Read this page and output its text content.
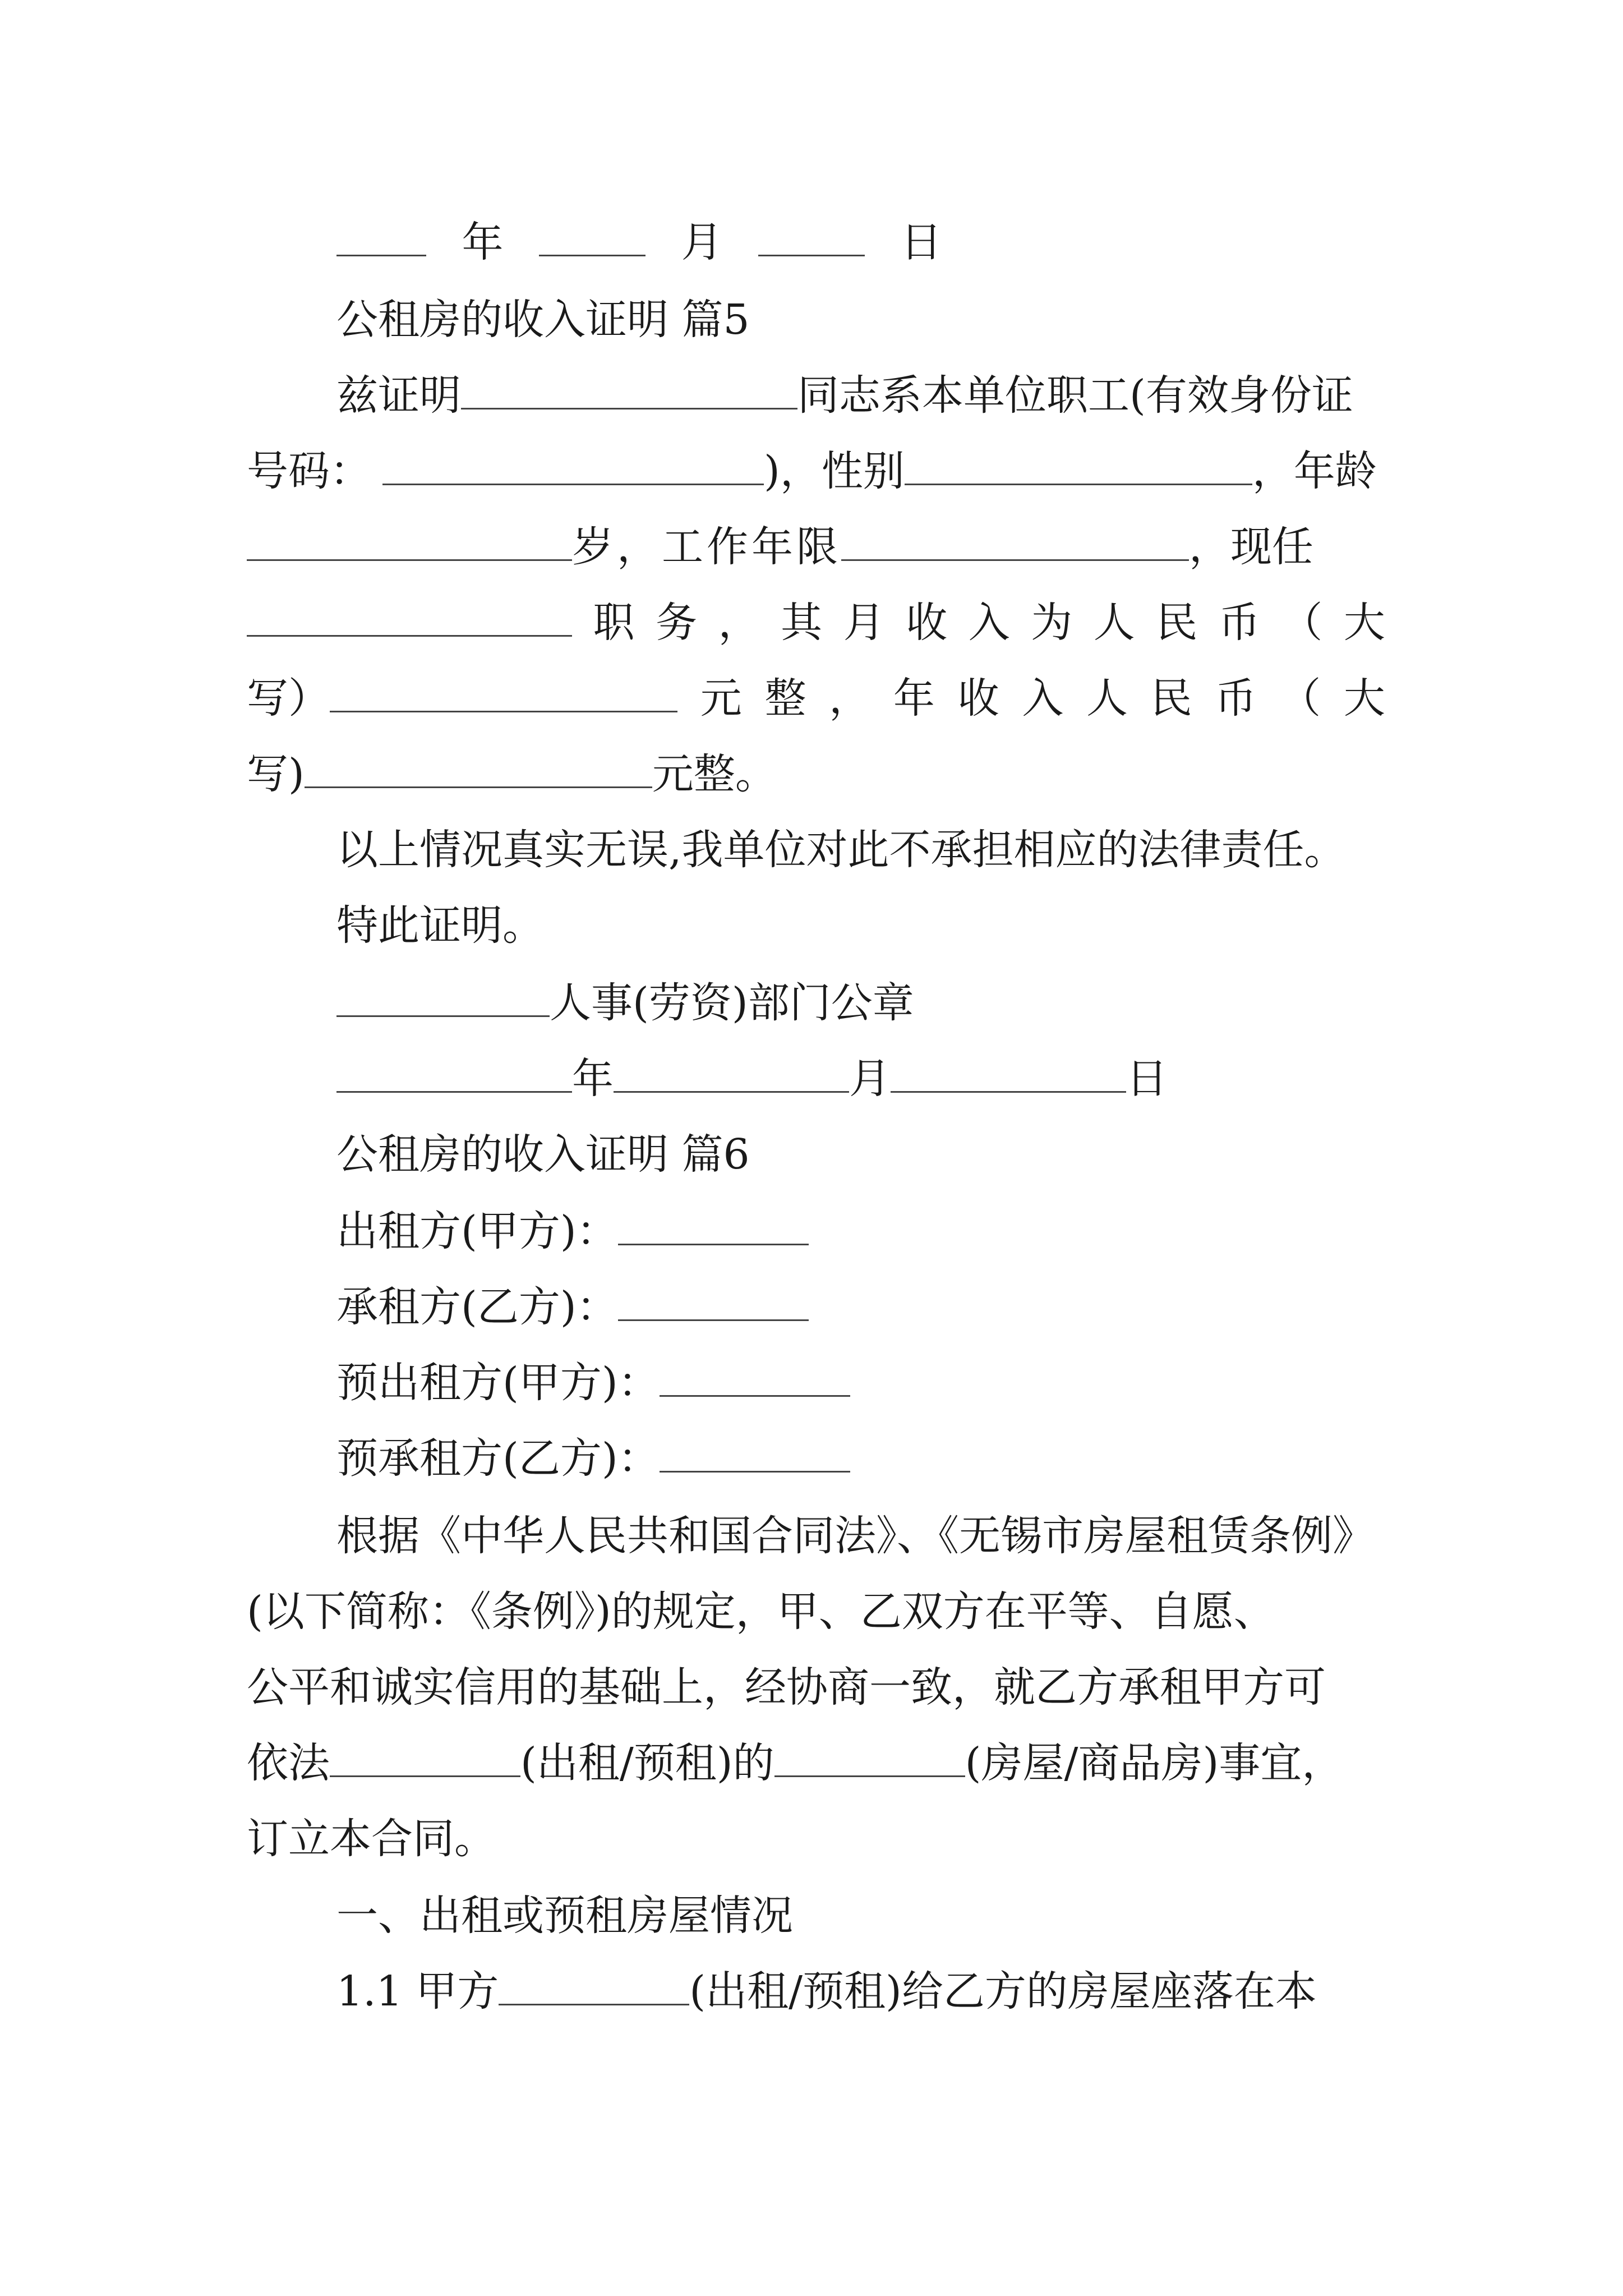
年	月	日
公租房的收入证明 篇5
兹证明	同志系本单位职工(有效身份证
号码：	)，性别	，年龄
岁，工作年限	，现任
职 务 ， 其 月 收 入 为 人 民 币 （ 大
写）	元 整 ， 年 收 入 人 民 币 （ 大
写)	元整。
以上情况真实无误,我单位对此不承担相应的法律责任。
特此证明。
人事(劳资)部门公章
年	月	日
公租房的收入证明 篇6
出租方(甲方)：
承租方(乙方)：
预出租方(甲方)：
预承租方(乙方)：
根据《中华人民共和国合同法》、《无锡市房屋租赁条例》
(以下简称：《条例》)的规定，甲、乙双方在平等、自愿、
公平和诚实信用的基础上，经协商一致，就乙方承租甲方可
依法	(出租/预租)的	(房屋/商品房)事宜，
订立本合同。
一、出租或预租房屋情况
1.1 甲方	(出租/预租)给乙方的房屋座落在本
